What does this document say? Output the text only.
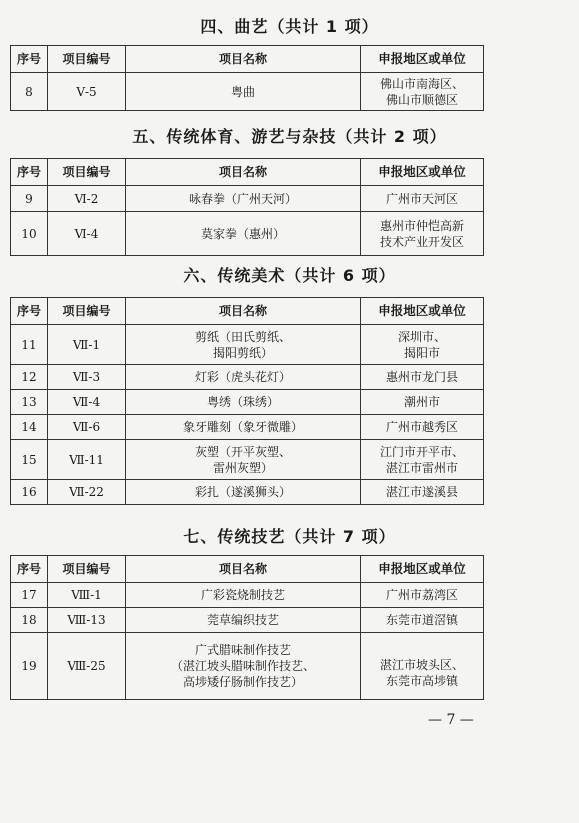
四、曲艺（共计 1 项）
序号	项目编号	项目名称	申报地区或单位
8	Ⅴ-5	粤曲	佛山市南海区、
佛山市顺德区
五、传统体育、游艺与杂技（共计 2 项）
序号	项目编号	项目名称	申报地区或单位
9	Ⅵ-2	咏春拳（广州天河）	广州市天河区

10	Ⅵ-4	莫家拳（惠州）	惠州市仲恺高新
技术产业开发区
六、传统美术（共计 6 项）
序号	项目编号	项目名称	申报地区或单位
11	Ⅶ-1	剪纸（田氏剪纸、
揭阳剪纸）	深圳市、
揭阳市

12	Ⅶ-3	灯彩（虎头花灯）	惠州市龙门县

13	Ⅶ-4	粤绣（珠绣）	潮州市

14	Ⅶ-6	象牙雕刻（象牙微雕）	广州市越秀区

15	Ⅶ-11	灰塑（开平灰塑、
雷州灰塑）	江门市开平市、
湛江市雷州市

16	Ⅶ-22	彩扎（遂溪狮头）	湛江市遂溪县
七、传统技艺（共计 7 项）
序号	项目编号	项目名称	申报地区或单位
17	Ⅷ-1	广彩瓷烧制技艺	广州市荔湾区

18	Ⅷ-13	莞草编织技艺	东莞市道滘镇

19	Ⅷ-25	广式腊味制作技艺
（湛江坡头腊味制作技艺、
高埗矮仔肠制作技艺）	湛江市坡头区、
东莞市高埗镇
— 7 —
